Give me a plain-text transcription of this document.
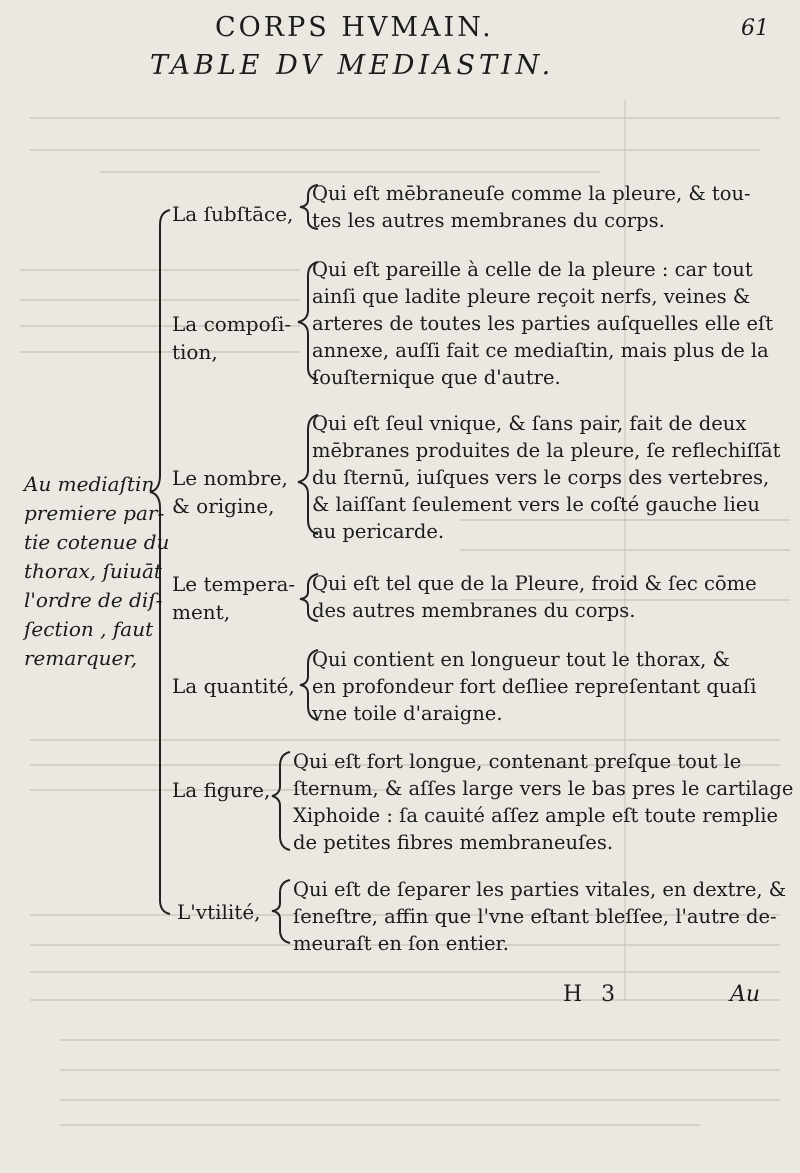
CORPS HVMAIN.	61
TABLE DV MEDIASTIN.
Au mediaſtin
premiere par-
tie cotenue du
thorax, ſuiuāt
l'ordre de diſ-
ſection , faut
remarquer,
La ſubſtāce,
Qui eſt mēbraneuſe comme la pleure, & tou-
tes les autres membranes du corps.
La compoſi-
tion,
Qui eſt pareille à celle de la pleure : car tout
ainſi que ladite pleure reçoit nerfs, veines &
arteres de toutes les parties auſquelles elle eſt
annexe, auſſi fait ce mediaſtin, mais plus de la
ſouſternique que d'autre.
Le nombre,
& origine,
Qui eſt ſeul vnique, & ſans pair, fait de deux
mēbranes produites de la pleure, ſe reflechiſſāt
du ſternū, iuſques vers le corps des vertebres,
& laiſſant ſeulement vers le coſté gauche lieu
au pericarde.
Le tempera-
ment,
Qui eſt tel que de la Pleure, froid & ſec cōme
des autres membranes du corps.
La quantité,
Qui contient en longueur tout le thorax, &
en profondeur fort deſliee repreſentant quaſi
vne toile d'araigne.
La figure,
Qui eſt fort longue, contenant preſque tout le
ſternum, & aſſes large vers le bas pres le cartilage
Xiphoide : ſa cauité aſſez ample eſt toute remplie
de petites fibres membraneuſes.
L'vtilité,
Qui eſt de ſeparer les parties vitales, en dextre, &
ſeneſtre, affin que l'vne eſtant bleſſee, l'autre de-
meuraſt en ſon entier.
H 3	Au
